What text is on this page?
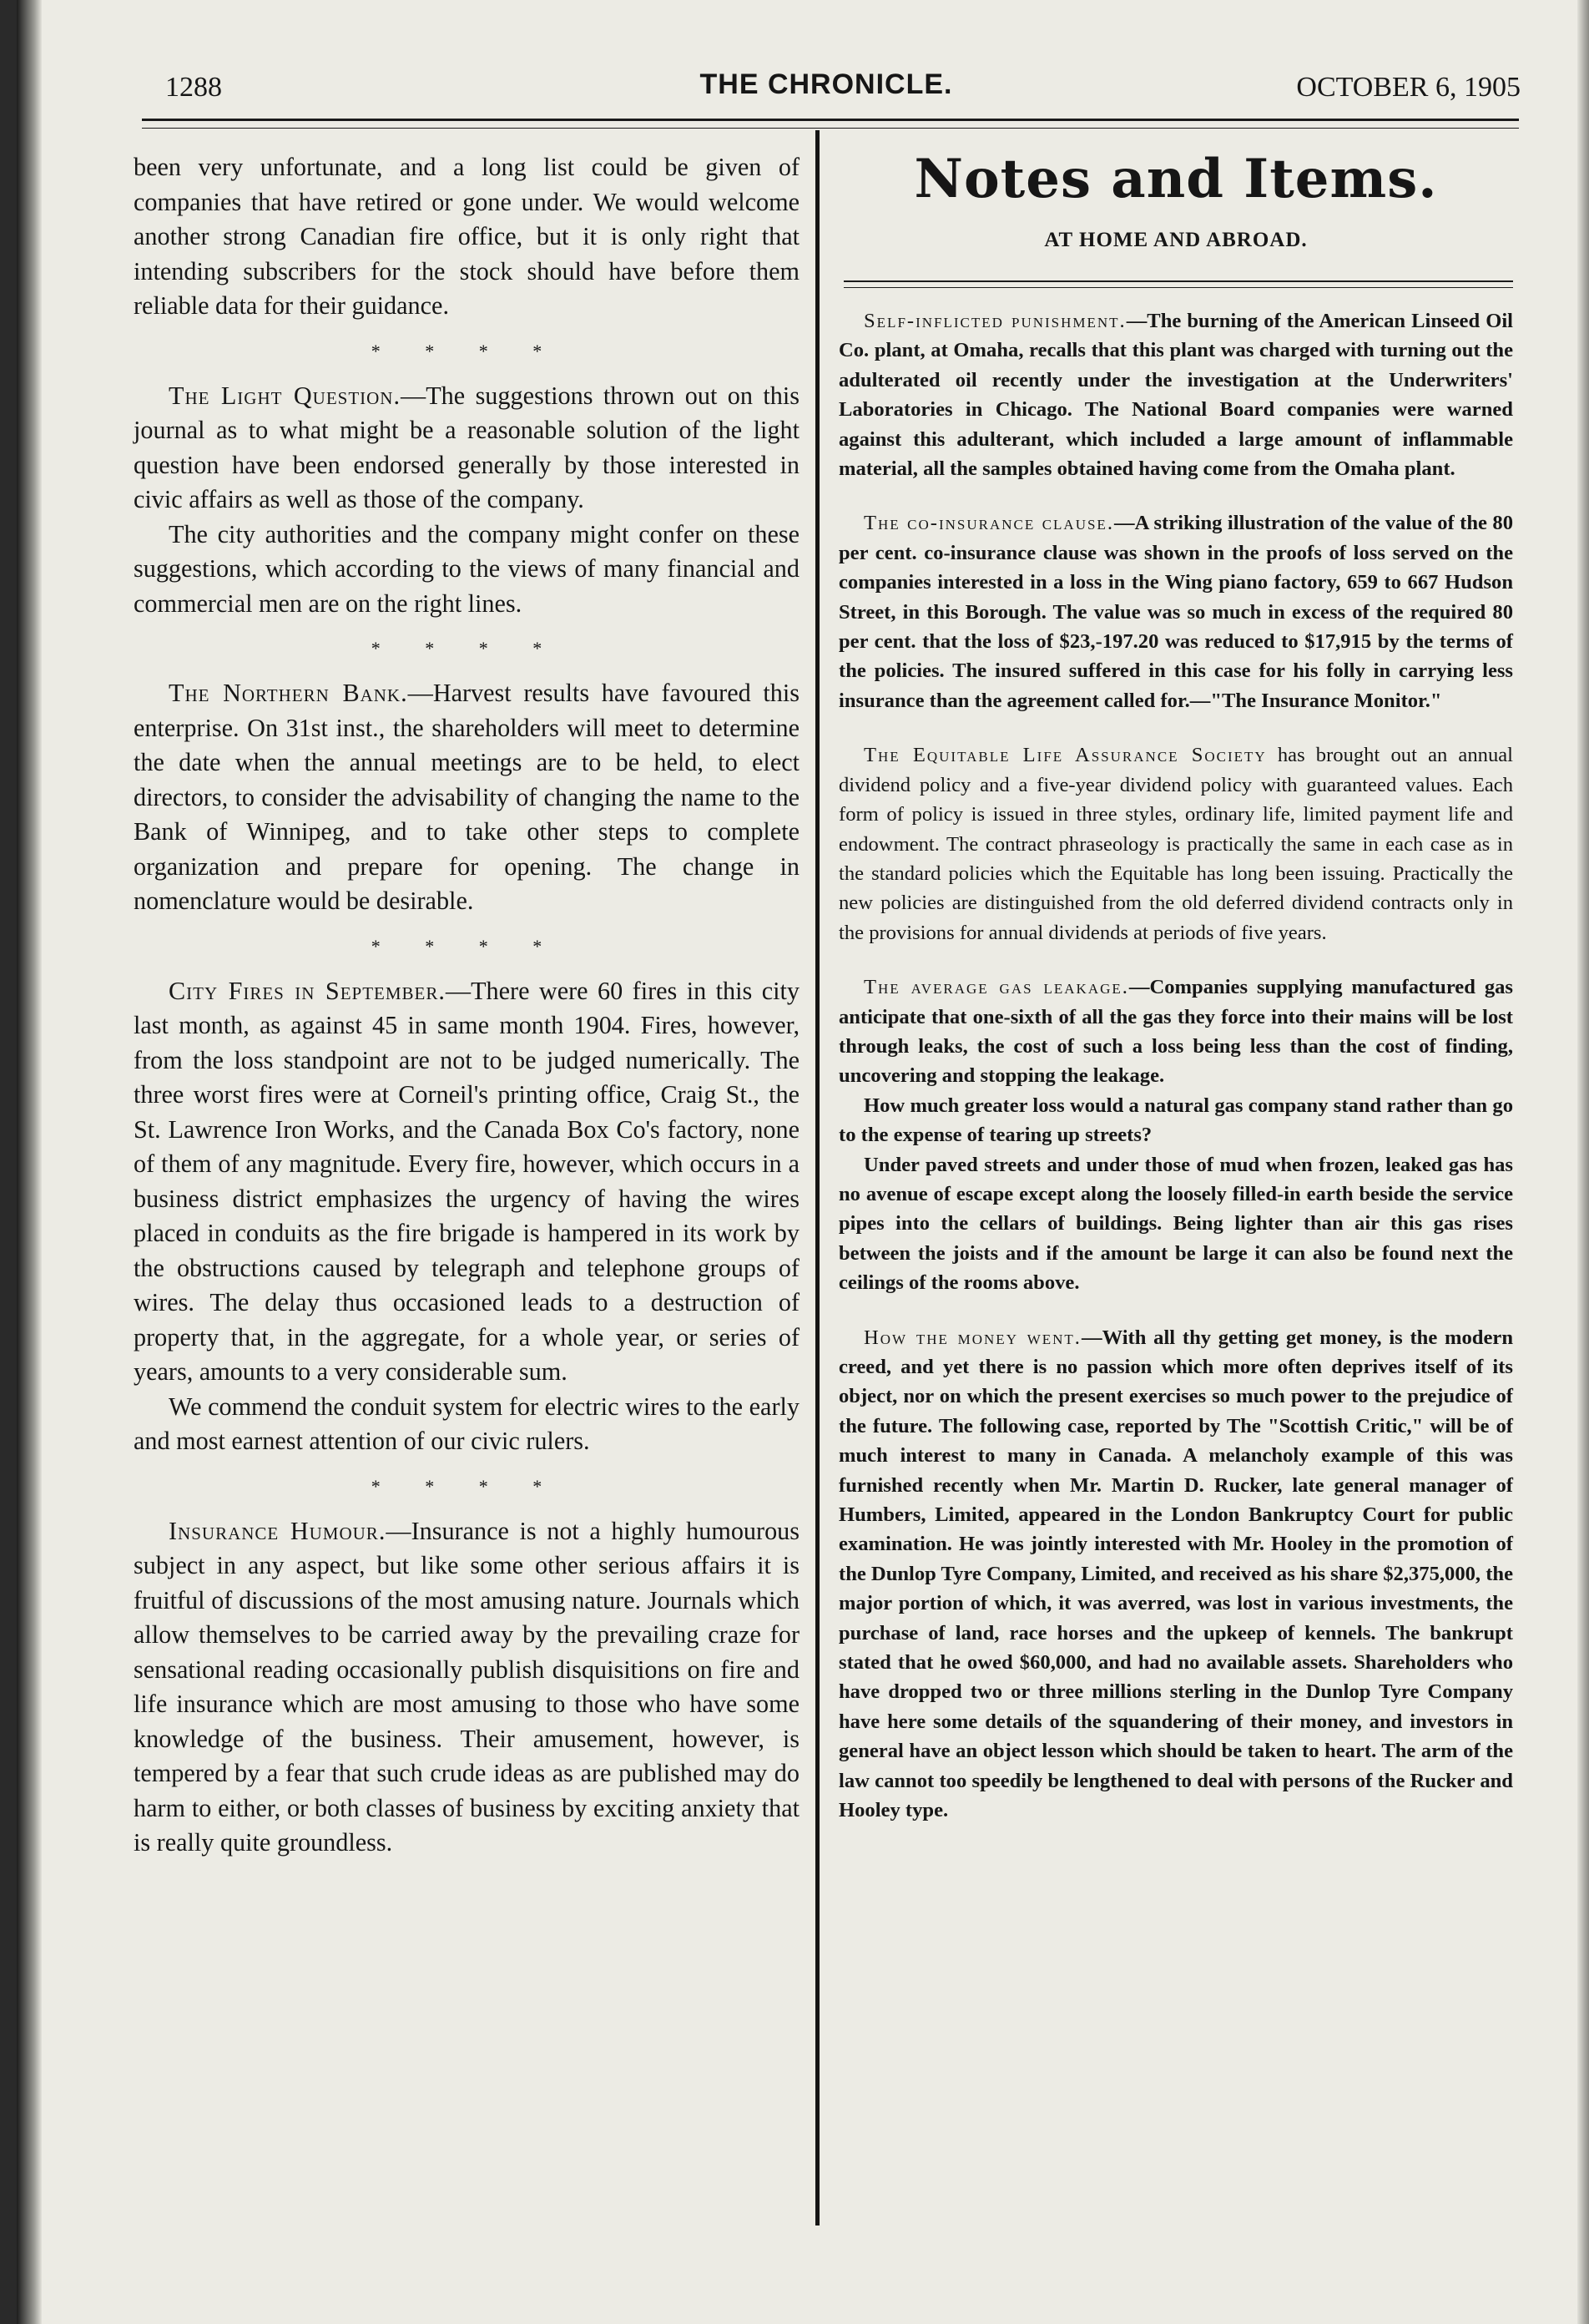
1288	THE CHRONICLE.	OCTOBER 6, 1905

been very unfortunate, and a long list could be given of companies that have retired or gone under. We would welcome another strong Canadian fire office, but it is only right that intending subscribers for the stock should have before them reliable data for their guidance.

* * * *

The Light Question.—The suggestions thrown out on this journal as to what might be a reasonable solution of the light question have been endorsed generally by those interested in civic affairs as well as those of the company.

The city authorities and the company might confer on these suggestions, which according to the views of many financial and commercial men are on the right lines.

* * * *

The Northern Bank.—Harvest results have favoured this enterprise. On 31st inst., the shareholders will meet to determine the date when the annual meetings are to be held, to elect directors, to consider the advisability of changing the name to the Bank of Winnipeg, and to take other steps to complete organization and prepare for opening. The change in nomenclature would be desirable.

* * * *

City Fires in September.—There were 60 fires in this city last month, as against 45 in same month 1904. Fires, however, from the loss standpoint are not to be judged numerically. The three worst fires were at Corneil's printing office, Craig St., the St. Lawrence Iron Works, and the Canada Box Co's factory, none of them of any magnitude. Every fire, however, which occurs in a business district emphasizes the urgency of having the wires placed in conduits as the fire brigade is hampered in its work by the obstructions caused by telegraph and telephone groups of wires. The delay thus occasioned leads to a destruction of property that, in the aggregate, for a whole year, or series of years, amounts to a very considerable sum.

We commend the conduit system for electric wires to the early and most earnest attention of our civic rulers.

* * * *

Insurance Humour.—Insurance is not a highly humourous subject in any aspect, but like some other serious affairs it is fruitful of discussions of the most amusing nature. Journals which allow themselves to be carried away by the prevailing craze for sensational reading occasionally publish disquisitions on fire and life insurance which are most amusing to those who have some knowledge of the business. Their amusement, however, is tempered by a fear that such crude ideas as are published may do harm to either, or both classes of business by exciting anxiety that is really quite groundless.

Notes and Items.
AT HOME AND ABROAD.

Self-inflicted punishment.—The burning of the American Linseed Oil Co. plant, at Omaha, recalls that this plant was charged with turning out the adulterated oil recently under the investigation at the Underwriters' Laboratories in Chicago. The National Board companies were warned against this adulterant, which included a large amount of inflammable material, all the samples obtained having come from the Omaha plant.

The co-insurance clause.—A striking illustration of the value of the 80 per cent. co-insurance clause was shown in the proofs of loss served on the companies interested in a loss in the Wing piano factory, 659 to 667 Hudson Street, in this Borough. The value was so much in excess of the required 80 per cent. that the loss of $23,-197.20 was reduced to $17,915 by the terms of the policies. The insured suffered in this case for his folly in carrying less insurance than the agreement called for.—"The Insurance Monitor."

The Equitable Life Assurance Society has brought out an annual dividend policy and a five-year dividend policy with guaranteed values. Each form of policy is issued in three styles, ordinary life, limited payment life and endowment. The contract phraseology is practically the same in each case as in the standard policies which the Equitable has long been issuing. Practically the new policies are distinguished from the old deferred dividend contracts only in the provisions for annual dividends at periods of five years.

The average gas leakage.—Companies supplying manufactured gas anticipate that one-sixth of all the gas they force into their mains will be lost through leaks, the cost of such a loss being less than the cost of finding, uncovering and stopping the leakage.

How much greater loss would a natural gas company stand rather than go to the expense of tearing up streets?

Under paved streets and under those of mud when frozen, leaked gas has no avenue of escape except along the loosely filled-in earth beside the service pipes into the cellars of buildings. Being lighter than air this gas rises between the joists and if the amount be large it can also be found next the ceilings of the rooms above.

How the money went.—With all thy getting get money, is the modern creed, and yet there is no passion which more often deprives itself of its object, nor on which the present exercises so much power to the prejudice of the future. The following case, reported by The "Scottish Critic," will be of much interest to many in Canada. A melancholy example of this was furnished recently when Mr. Martin D. Rucker, late general manager of Humbers, Limited, appeared in the London Bankruptcy Court for public examination. He was jointly interested with Mr. Hooley in the promotion of the Dunlop Tyre Company, Limited, and received as his share $2,375,000, the major portion of which, it was averred, was lost in various investments, the purchase of land, race horses and the upkeep of kennels. The bankrupt stated that he owed $60,000, and had no available assets. Shareholders who have dropped two or three millions sterling in the Dunlop Tyre Company have here some details of the squandering of their money, and investors in general have an object lesson which should be taken to heart. The arm of the law cannot too speedily be lengthened to deal with persons of the Rucker and Hooley type.
